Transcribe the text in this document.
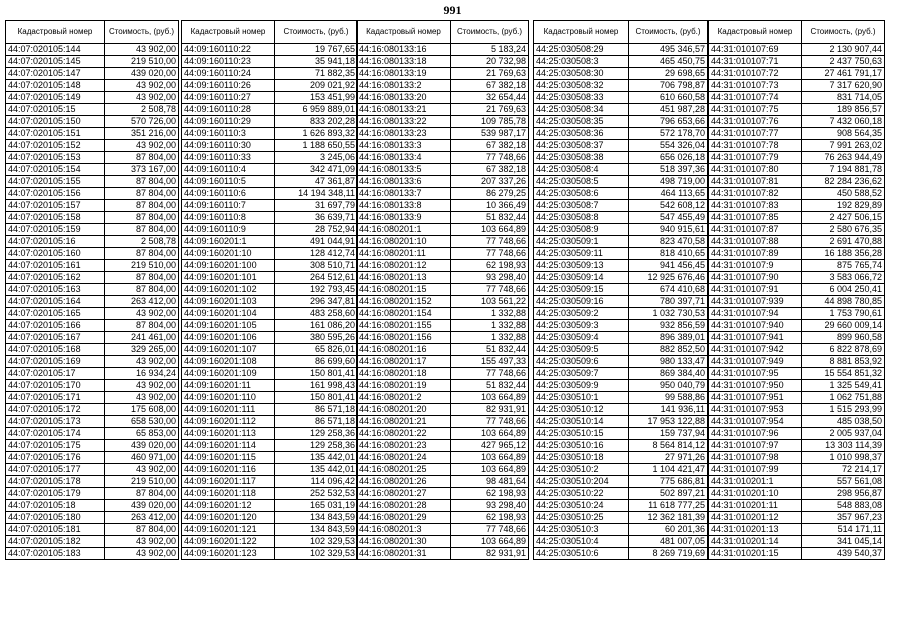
991
Кадастровый номер	Стоимость, (руб.)
44:07:020105:144	43 902,00
44:07:020105:145	219 510,00
44:07:020105:147	439 020,00
44:07:020105:148	43 902,00
44:07:020105:149	43 902,00
44:07:020105:15	2 508,78
44:07:020105:150	570 726,00
44:07:020105:151	351 216,00
44:07:020105:152	43 902,00
44:07:020105:153	87 804,00
44:07:020105:154	373 167,00
44:07:020105:155	87 804,00
44:07:020105:156	87 804,00
44:07:020105:157	87 804,00
44:07:020105:158	87 804,00
44:07:020105:159	87 804,00
44:07:020105:16	2 508,78
44:07:020105:160	87 804,00
44:07:020105:161	219 510,00
44:07:020105:162	87 804,00
44:07:020105:163	87 804,00
44:07:020105:164	263 412,00
44:07:020105:165	43 902,00
44:07:020105:166	87 804,00
44:07:020105:167	241 461,00
44:07:020105:168	329 265,00
44:07:020105:169	43 902,00
44:07:020105:17	16 934,24
44:07:020105:170	43 902,00
44:07:020105:171	43 902,00
44:07:020105:172	175 608,00
44:07:020105:173	658 530,00
44:07:020105:174	65 853,00
44:07:020105:175	439 020,00
44:07:020105:176	460 971,00
44:07:020105:177	43 902,00
44:07:020105:178	219 510,00
44:07:020105:179	87 804,00
44:07:020105:18	439 020,00
44:07:020105:180	263 412,00
44:07:020105:181	87 804,00
44:07:020105:182	43 902,00
44:07:020105:183	43 902,00
Кадастровый номер	Стоимость, (руб.)
44:09:160110:22	19 767,65
44:09:160110:23	35 941,18
44:09:160110:24	71 882,35
44:09:160110:26	209 021,92
44:09:160110:27	153 451,99
44:09:160110:28	6 959 889,01
44:09:160110:29	833 202,28
44:09:160110:3	1 626 893,32
44:09:160110:30	1 188 650,55
44:09:160110:33	3 245,06
44:09:160110:4	342 471,09
44:09:160110:5	47 361,87
44:09:160110:6	14 194 348,11
44:09:160110:7	31 697,79
44:09:160110:8	36 639,71
44:09:160110:9	28 752,94
44:09:160201:1	491 044,91
44:09:160201:10	128 412,74
44:09:160201:100	308 510,71
44:09:160201:101	264 512,61
44:09:160201:102	192 793,45
44:09:160201:103	296 347,81
44:09:160201:104	483 258,60
44:09:160201:105	161 086,20
44:09:160201:106	380 595,26
44:09:160201:107	65 826,01
44:09:160201:108	86 699,60
44:09:160201:109	150 801,41
44:09:160201:11	161 998,43
44:09:160201:110	150 801,41
44:09:160201:111	86 571,18
44:09:160201:112	86 571,18
44:09:160201:113	129 258,36
44:09:160201:114	129 258,36
44:09:160201:115	135 442,01
44:09:160201:116	135 442,01
44:09:160201:117	114 096,42
44:09:160201:118	252 532,53
44:09:160201:12	165 031,19
44:09:160201:120	134 843,59
44:09:160201:121	134 843,59
44:09:160201:122	102 329,53
44:09:160201:123	102 329,53
Кадастровый номер	Стоимость, (руб.)
44:16:080133:16	5 183,24
44:16:080133:18	20 732,98
44:16:080133:19	21 769,63
44:16:080133:2	67 382,18
44:16:080133:20	32 654,44
44:16:080133:21	21 769,63
44:16:080133:22	109 785,78
44:16:080133:23	539 987,17
44:16:080133:3	67 382,18
44:16:080133:4	77 748,66
44:16:080133:5	67 382,18
44:16:080133:6	207 337,26
44:16:080133:7	86 279,25
44:16:080133:8	10 366,49
44:16:080133:9	51 832,44
44:16:080201:1	103 664,89
44:16:080201:10	77 748,66
44:16:080201:11	77 748,66
44:16:080201:12	62 198,93
44:16:080201:13	93 298,40
44:16:080201:15	77 748,66
44:16:080201:152	103 561,22
44:16:080201:154	1 332,88
44:16:080201:155	1 332,88
44:16:080201:156	1 332,88
44:16:080201:16	51 832,44
44:16:080201:17	155 497,33
44:16:080201:18	77 748,66
44:16:080201:19	51 832,44
44:16:080201:2	103 664,89
44:16:080201:20	82 931,91
44:16:080201:21	77 748,66
44:16:080201:22	103 664,89
44:16:080201:23	427 965,12
44:16:080201:24	103 664,89
44:16:080201:25	103 664,89
44:16:080201:26	98 481,64
44:16:080201:27	62 198,93
44:16:080201:28	93 298,40
44:16:080201:29	62 198,93
44:16:080201:3	77 748,66
44:16:080201:30	103 664,89
44:16:080201:31	82 931,91
Кадастровый номер	Стоимость, (руб.)
44:25:030508:29	495 346,57
44:25:030508:3	465 450,75
44:25:030508:30	29 698,65
44:25:030508:32	706 798,87
44:25:030508:33	610 660,58
44:25:030508:34	451 987,28
44:25:030508:35	796 653,66
44:25:030508:36	572 178,70
44:25:030508:37	554 326,04
44:25:030508:38	656 026,18
44:25:030508:4	518 397,36
44:25:030508:5	498 719,00
44:25:030508:6	464 113,65
44:25:030508:7	542 608,12
44:25:030508:8	547 455,49
44:25:030508:9	940 915,61
44:25:030509:1	823 470,58
44:25:030509:11	818 410,65
44:25:030509:13	941 456,45
44:25:030509:14	12 925 676,46
44:25:030509:15	674 410,68
44:25:030509:16	780 397,71
44:25:030509:2	1 032 730,53
44:25:030509:3	932 856,59
44:25:030509:4	896 389,01
44:25:030509:5	882 852,50
44:25:030509:6	980 133,47
44:25:030509:7	869 384,40
44:25:030509:9	950 040,79
44:25:030510:1	99 588,86
44:25:030510:12	141 936,11
44:25:030510:14	17 953 122,88
44:25:030510:15	159 737,94
44:25:030510:16	8 564 814,12
44:25:030510:18	27 971,26
44:25:030510:2	1 104 421,47
44:25:030510:204	775 686,81
44:25:030510:22	502 897,21
44:25:030510:24	11 618 777,25
44:25:030510:25	12 362 181,39
44:25:030510:3	60 201,36
44:25:030510:4	481 007,05
44:25:030510:6	8 269 719,69
Кадастровый номер	Стоимость, (руб.)
44:31:010107:69	2 130 907,44
44:31:010107:71	2 437 750,63
44:31:010107:72	27 461 791,17
44:31:010107:73	7 317 620,90
44:31:010107:74	831 714,05
44:31:010107:75	189 856,57
44:31:010107:76	7 432 060,18
44:31:010107:77	908 564,35
44:31:010107:78	7 991 263,02
44:31:010107:79	76 263 944,49
44:31:010107:80	7 194 881,78
44:31:010107:81	82 284 236,62
44:31:010107:82	450 588,52
44:31:010107:83	192 829,89
44:31:010107:85	2 427 506,15
44:31:010107:87	2 580 676,35
44:31:010107:88	2 691 470,88
44:31:010107:89	16 188 356,28
44:31:010107:9	875 765,74
44:31:010107:90	3 583 066,72
44:31:010107:91	6 004 250,41
44:31:010107:939	44 898 780,85
44:31:010107:94	1 753 790,61
44:31:010107:940	29 660 009,14
44:31:010107:941	899 960,58
44:31:010107:942	6 822 878,69
44:31:010107:949	8 881 853,92
44:31:010107:95	15 554 851,32
44:31:010107:950	1 325 549,41
44:31:010107:951	1 062 751,88
44:31:010107:953	1 515 293,99
44:31:010107:954	485 038,50
44:31:010107:96	2 005 937,04
44:31:010107:97	13 303 114,39
44:31:010107:98	1 010 998,37
44:31:010107:99	72 214,17
44:31:010201:1	557 561,08
44:31:010201:10	298 956,87
44:31:010201:11	548 883,08
44:31:010201:12	357 967,23
44:31:010201:13	514 171,11
44:31:010201:14	341 045,14
44:31:010201:15	439 540,37
